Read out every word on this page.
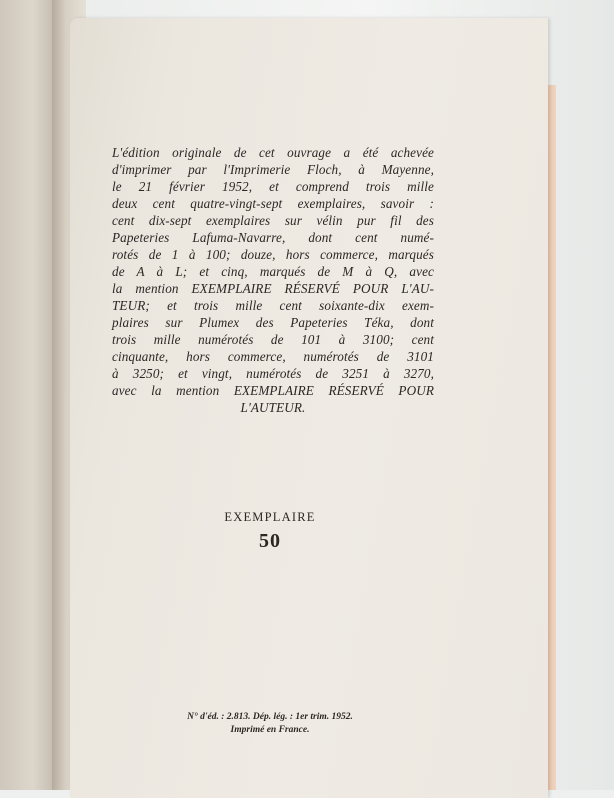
L'édition originale de cet ouvrage a été achevée
d'imprimer par l'Imprimerie Floch, à Mayenne,
le 21 février 1952, et comprend trois mille
deux cent quatre-vingt-sept exemplaires, savoir :
cent dix-sept exemplaires sur vélin pur fil des
Papeteries Lafuma-Navarre, dont cent numé-
rotés de 1 à 100; douze, hors commerce, marqués
de A à L; et cinq, marqués de M à Q, avec
la mention EXEMPLAIRE RÉSERVÉ POUR L'AU-
TEUR; et trois mille cent soixante-dix exem-
plaires sur Plumex des Papeteries Téka, dont
trois mille numérotés de 101 à 3100; cent
cinquante, hors commerce, numérotés de 3101
à 3250; et vingt, numérotés de 3251 à 3270,
avec la mention EXEMPLAIRE RÉSERVÉ POUR
L'AUTEUR.
EXEMPLAIRE
50
N° d'éd. : 2.813. Dép. lég. : 1er trim. 1952.
Imprimé en France.
